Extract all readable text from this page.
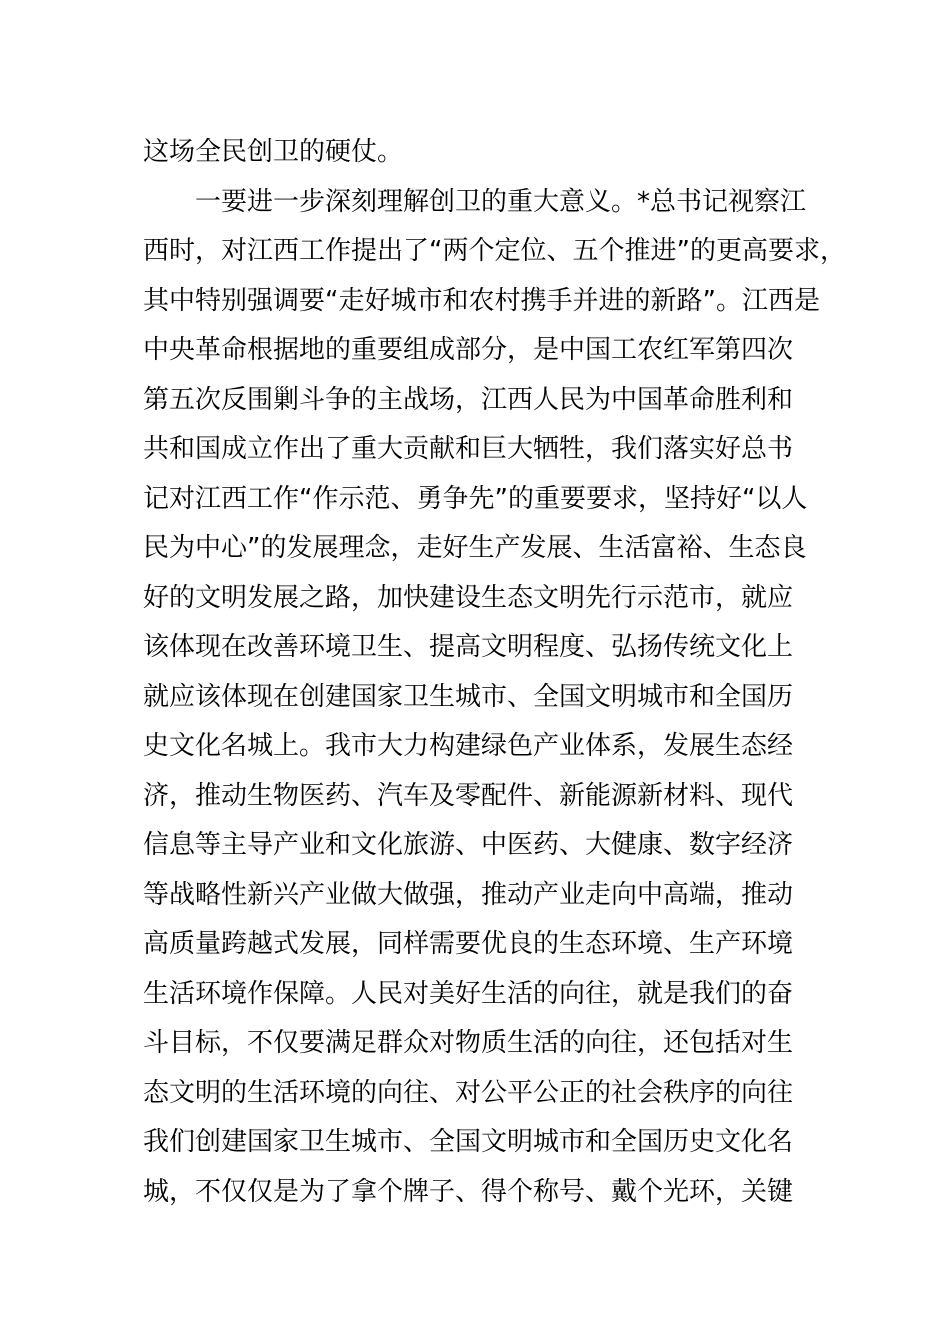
这场全民创卫的硬仗。
一要进一步深刻理解创卫的重大意义。*总书记视察江
西时，对江西工作提出了“两个定位、五个推进”的更高要求，
其中特别强调要“走好城市和农村携手并进的新路”。江西是
中央革命根据地的重要组成部分，是中国工农红军第四次
第五次反围剿斗争的主战场，江西人民为中国革命胜利和
共和国成立作出了重大贡献和巨大牺牲，我们落实好总书
记对江西工作“作示范、勇争先”的重要要求，坚持好“以人
民为中心”的发展理念，走好生产发展、生活富裕、生态良
好的文明发展之路，加快建设生态文明先行示范市，就应
该体现在改善环境卫生、提高文明程度、弘扬传统文化上
就应该体现在创建国家卫生城市、全国文明城市和全国历
史文化名城上。我市大力构建绿色产业体系，发展生态经
济，推动生物医药、汽车及零配件、新能源新材料、现代
信息等主导产业和文化旅游、中医药、大健康、数字经济
等战略性新兴产业做大做强，推动产业走向中高端，推动
高质量跨越式发展，同样需要优良的生态环境、生产环境
生活环境作保障。人民对美好生活的向往，就是我们的奋
斗目标，不仅要满足群众对物质生活的向往，还包括对生
态文明的生活环境的向往、对公平公正的社会秩序的向往
我们创建国家卫生城市、全国文明城市和全国历史文化名
城，不仅仅是为了拿个牌子、得个称号、戴个光环，关键
